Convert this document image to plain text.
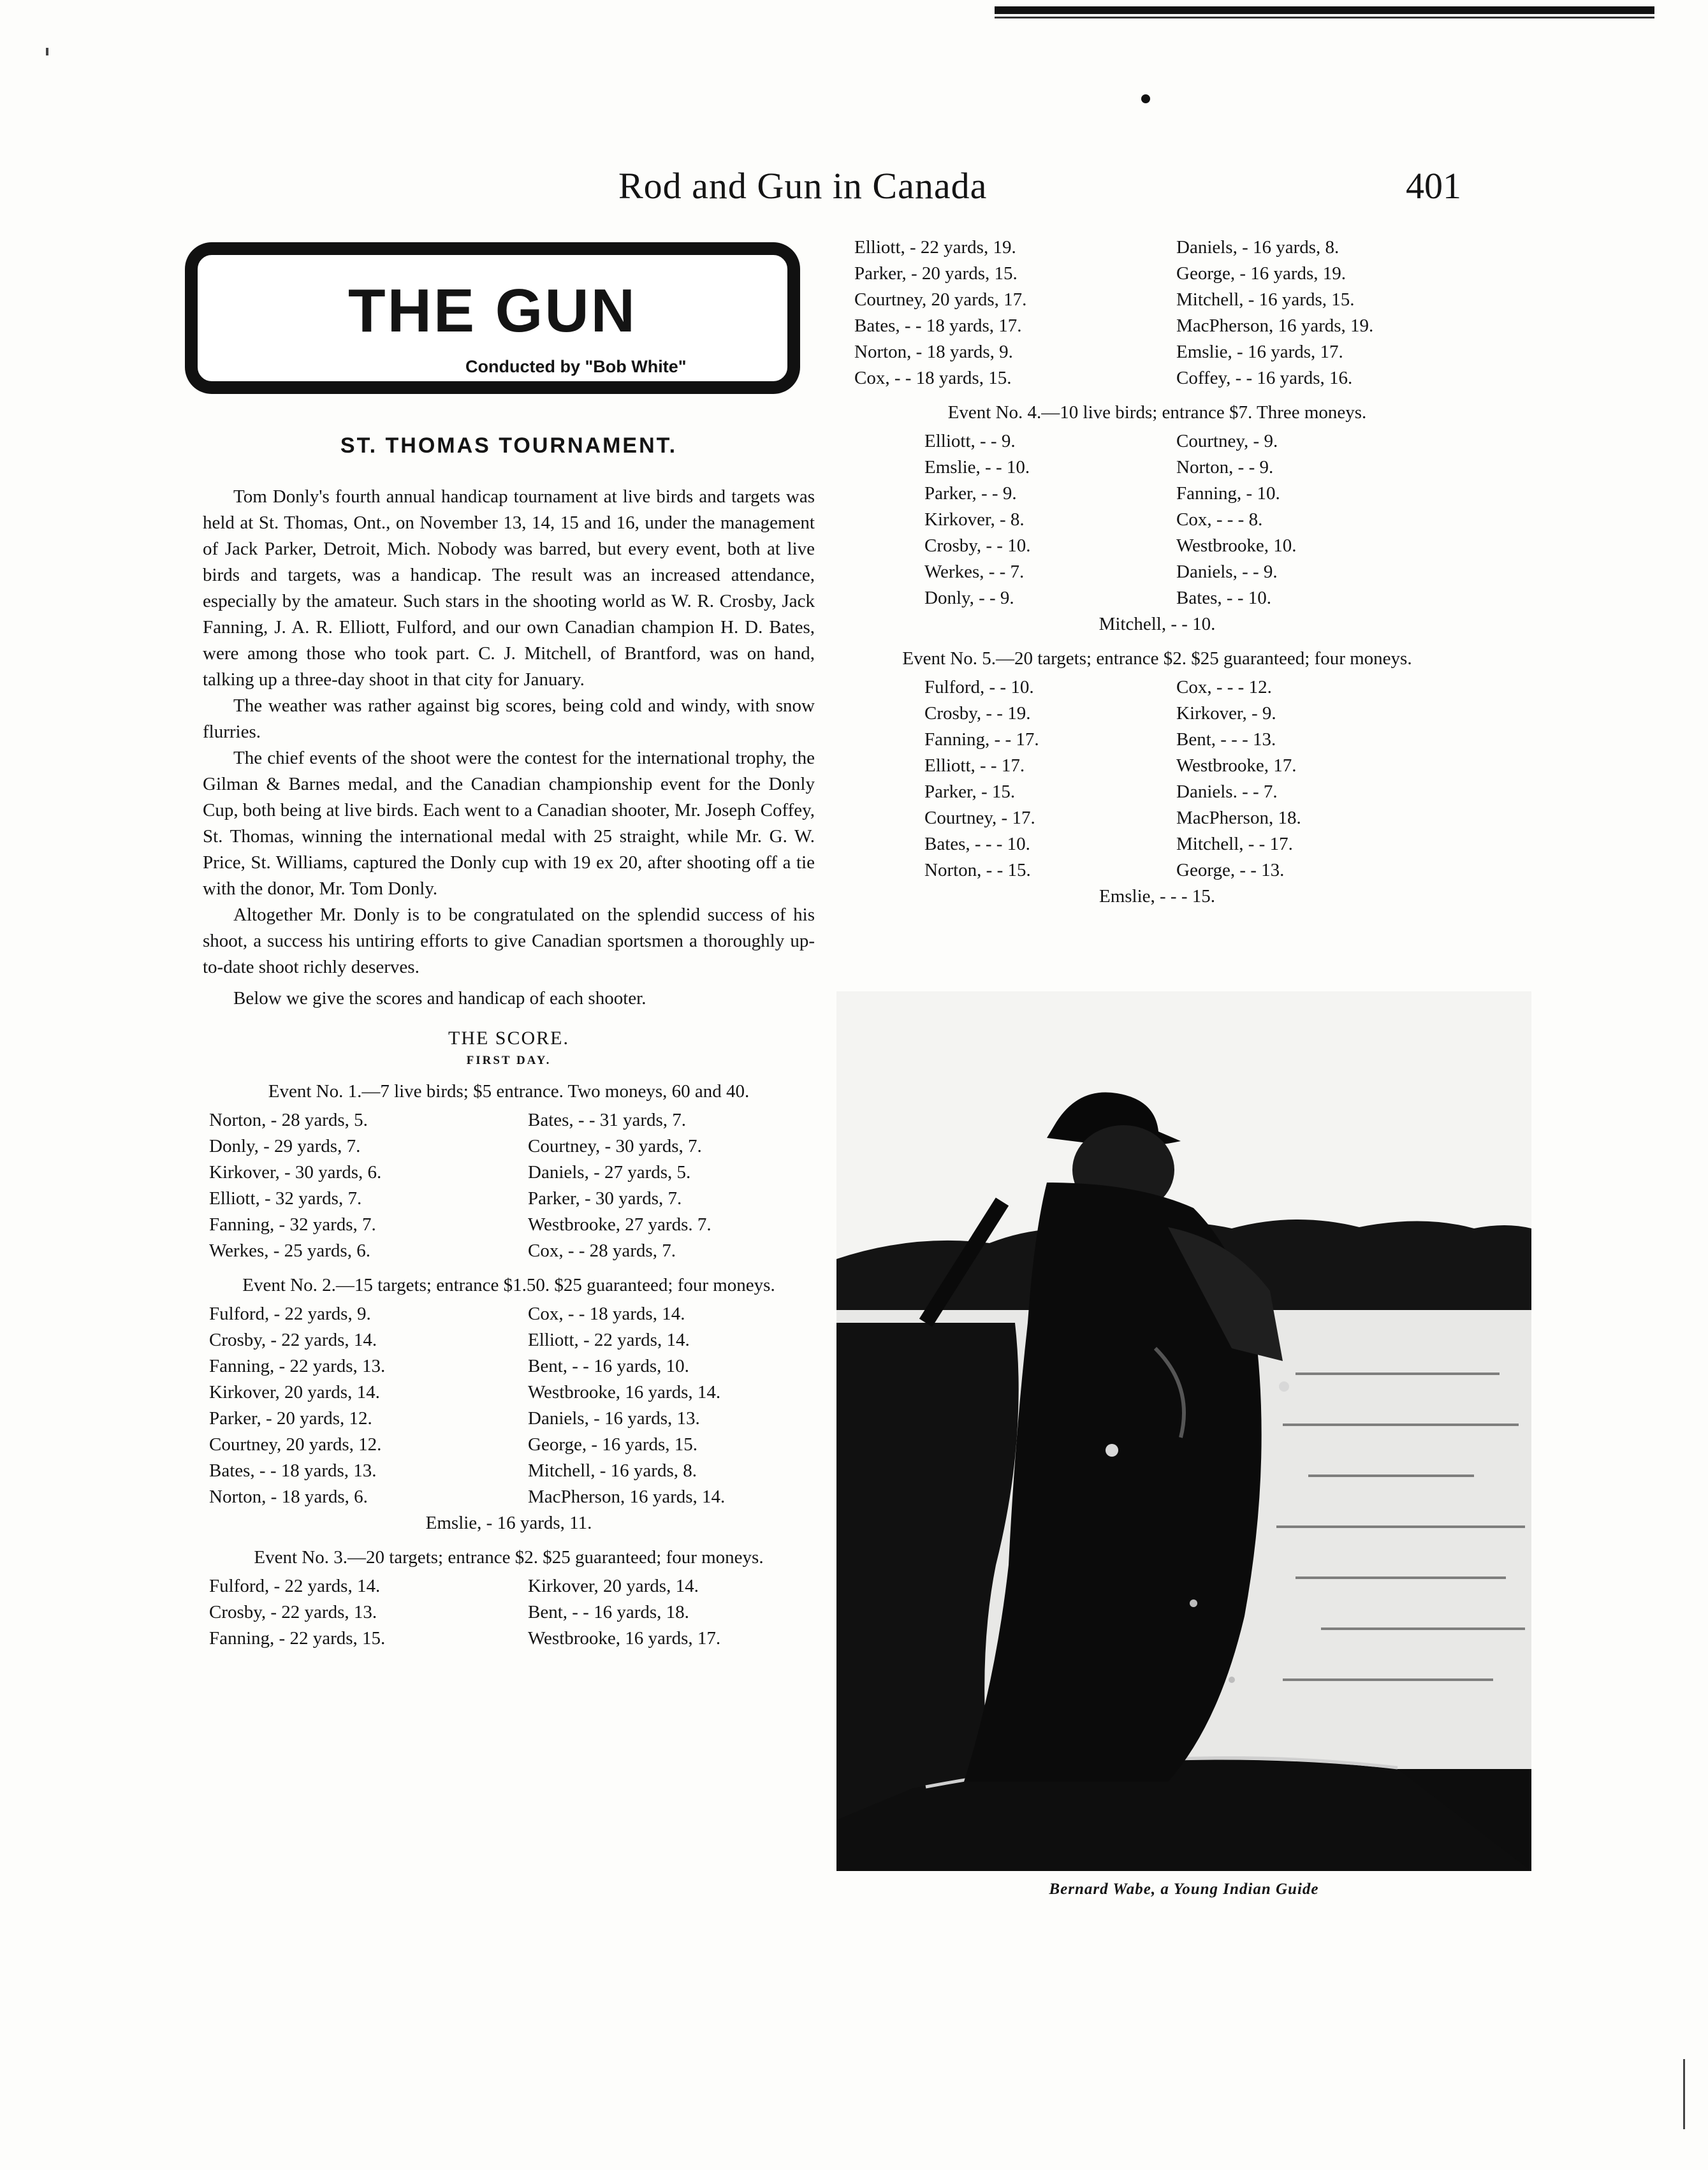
Rod and Gun in Canada	401
THE GUN
Conducted by "Bob White"
ST. THOMAS TOURNAMENT.

Tom Donly's fourth annual handicap tournament at live birds and targets was held at St. Thomas, Ont., on November 13, 14, 15 and 16, under the management of Jack Parker, Detroit, Mich. Nobody was barred, but every event, both at live birds and targets, was a handicap. The result was an increased attendance, especially by the amateur. Such stars in the shooting world as W. R. Crosby, Jack Fanning, J. A. R. Elliott, Fulford, and our own Canadian champion H. D. Bates, were among those who took part. C. J. Mitchell, of Brantford, was on hand, talking up a three-day shoot in that city for January.

The weather was rather against big scores, being cold and windy, with snow flurries.

The chief events of the shoot were the contest for the international trophy, the Gilman & Barnes medal, and the Canadian championship event for the Donly Cup, both being at live birds. Each went to a Canadian shooter, Mr. Joseph Coffey, St. Thomas, winning the international medal with 25 straight, while Mr. G. W. Price, St. Williams, captured the Donly cup with 19 ex 20, after shooting off a tie with the donor, Mr. Tom Donly.

Altogether Mr. Donly is to be congratulated on the splendid success of his shoot, a success his untiring efforts to give Canadian sportsmen a thoroughly up-to-date shoot richly deserves.

Below we give the scores and handicap of each shooter.

THE SCORE.
FIRST DAY.
Event No. 1.—7 live birds; $5 entrance. Two moneys, 60 and 40.
Norton, - 28 yards, 5.	Bates, - - 31 yards, 7.
Donly, - 29 yards, 7.	Courtney, - 30 yards, 7.
Kirkover, - 30 yards, 6.	Daniels, - 27 yards, 5.
Elliott, - 32 yards, 7.	Parker, - 30 yards, 7.
Fanning, - 32 yards, 7.	Westbrooke, 27 yards. 7.
Werkes, - 25 yards, 6.	Cox, - - 28 yards, 7.
Event No. 2.—15 targets; entrance $1.50. $25 guaranteed; four moneys.
Fulford, - 22 yards, 9.	Cox, - - 18 yards, 14.
Crosby, - 22 yards, 14.	Elliott, - 22 yards, 14.
Fanning, - 22 yards, 13.	Bent, - - 16 yards, 10.
Kirkover, 20 yards, 14.	Westbrooke, 16 yards, 14.
Parker, - 20 yards, 12.	Daniels, - 16 yards, 13.
Courtney, 20 yards, 12.	George, - 16 yards, 15.
Bates, - - 18 yards, 13.	Mitchell, - 16 yards, 8.
Norton, - 18 yards, 6.	MacPherson, 16 yards, 14.
Emslie, - 16 yards, 11.
Event No. 3.—20 targets; entrance $2. $25 guaranteed; four moneys.
Fulford, - 22 yards, 14.	Kirkover, 20 yards, 14.
Crosby, - 22 yards, 13.	Bent, - - 16 yards, 18.
Fanning, - 22 yards, 15.	Westbrooke, 16 yards, 17.
Elliott, - 22 yards, 19.	Daniels, - 16 yards, 8.
Parker, - 20 yards, 15.	George, - 16 yards, 19.
Courtney, 20 yards, 17.	Mitchell, - 16 yards, 15.
Bates, - - 18 yards, 17.	MacPherson, 16 yards, 19.
Norton, - 18 yards, 9.	Emslie, - 16 yards, 17.
Cox, - - 18 yards, 15.	Coffey, - - 16 yards, 16.
Event No. 4.—10 live birds; entrance $7. Three moneys.
Elliott, - - 9.	Courtney, - 9.
Emslie, - - 10.	Norton, - - 9.
Parker, - - 9.	Fanning, - 10.
Kirkover, - 8.	Cox, - - - 8.
Crosby, - - 10.	Westbrooke, 10.
Werkes, - - 7.	Daniels, - - 9.
Donly, - - 9.	Bates, - - 10.
Mitchell, - - 10.
Event No. 5.—20 targets; entrance $2. $25 guaranteed; four moneys.
Fulford, - - 10.	Cox, - - - 12.
Crosby, - - 19.	Kirkover, - 9.
Fanning, - - 17.	Bent, - - - 13.
Elliott, - - 17.	Westbrooke, 17.
Parker, - 15.	Daniels. - - 7.
Courtney, - 17.	MacPherson, 18.
Bates, - - - 10.	Mitchell, - - 17.
Norton, - - 15.	George, - - 13.
Emslie, - - - 15.
Bernard Wabe, a Young Indian Guide
